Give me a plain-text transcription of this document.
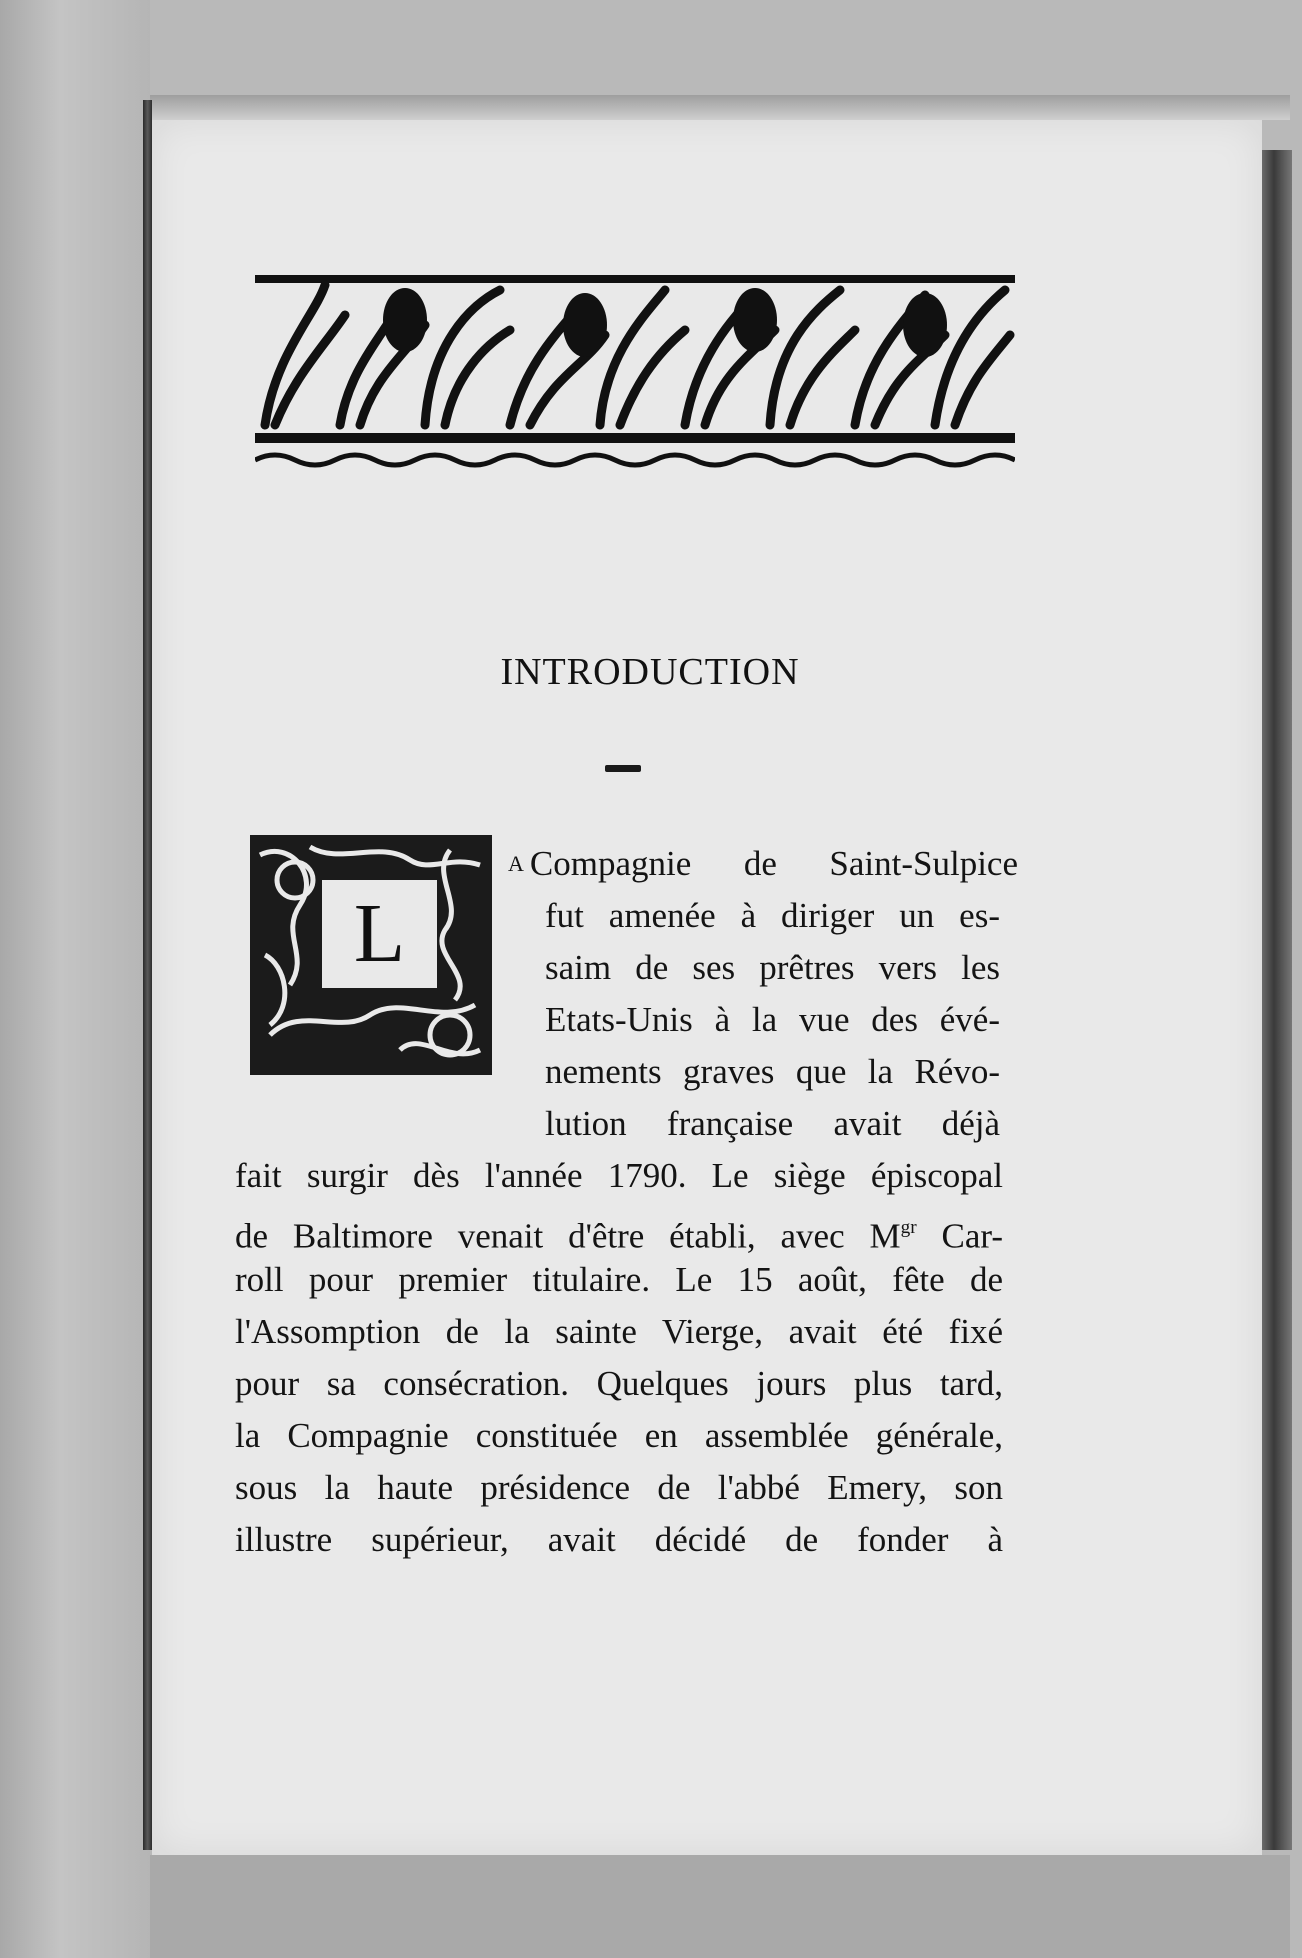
INTRODUCTION
L
A Compagnie de Saint-Sulpice
fut amenée à diriger un es-
saim de ses prêtres vers les
Etats-Unis à la vue des évé-
nements graves que la Révo-
lution française avait déjà
fait surgir dès l'année 1790. Le siège épiscopal
de Baltimore venait d'être établi, avec $M^{gr}$ Car-
roll pour premier titulaire. Le 15 août, fête de
l'Assomption de la sainte Vierge, avait été fixé
pour sa consécration. Quelques jours plus tard,
la Compagnie constituée en assemblée générale,
sous la haute présidence de l'abbé Emery, son
illustre supérieur, avait décidé de fonder à
